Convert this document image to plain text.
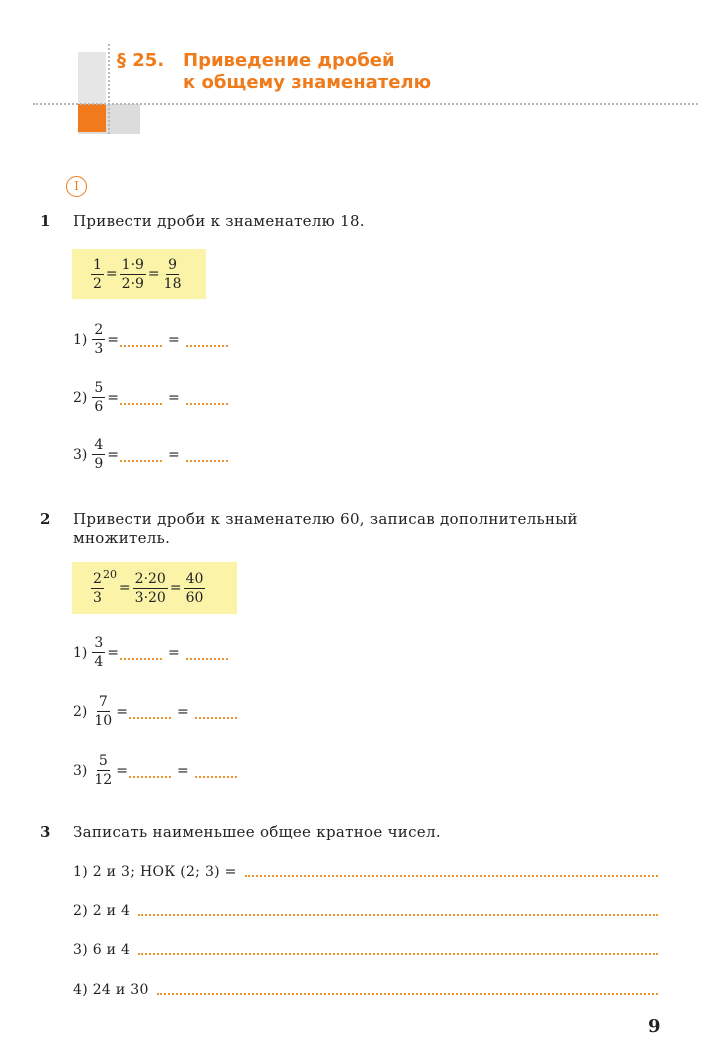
§ 25. Приведение дробей
к общему знаменателю
I
1 Привести дроби к знаменателю 18.
$\frac{1}{2} = \frac{1\cdot 9}{2\cdot 9} = \frac{9}{18}$
$1) \frac{2}{3}$ =	=
$2) \frac{5}{6}$ =	=
$3) \frac{4}{9}$ =	=
2 Привести дроби к знаменателю 60, записав дополнительный
множитель.
2
3
20
= $\frac{2\cdot 20}{3\cdot 20} = \frac{40}{60}$
$1) \frac{3}{4}$ =	=
$2) \frac{7}{10}$ =	=
$3) \frac{5}{12}$ =	=
3 Записать наименьшее общее кратное чисел.
1) 2 и 3; НОК (2; 3) =
2) 2 и 4
3) 6 и 4
4) 24 и 30
9
